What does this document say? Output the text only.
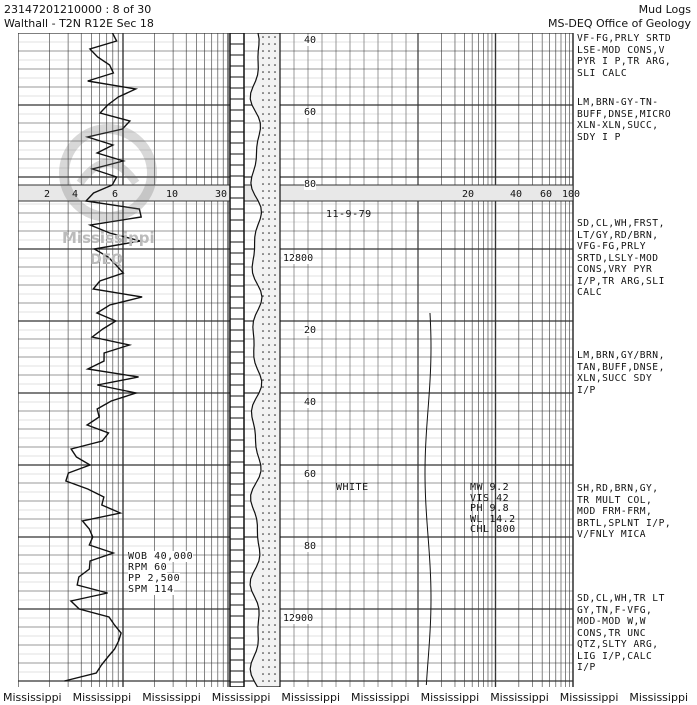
23147201210000 : 8 of 30
Walthall - T2N R12E Sec 18
Mud Logs
MS-DEQ Office of Geology
Mississippi
DEQ
2 4	6	10	30	20	40 60 100
40
60
80
12800
20
40
60
80
12900
11-9-79
WHITE	MW 9.2
VIS 42
PH 9.8
WL 14.2
CHL 800
WOB 40,000
RPM 60
PP 2,500
SPM 114
VF-FG,PRLY SRTD
LSE-MOD CONS,V
PYR I P,TR ARG,
SLI CALC
LM,BRN-GY-TN-
BUFF,DNSE,MICRO
XLN-XLN,SUCC,
SDY I P
SD,CL,WH,FRST,
LT/GY,RD/BRN,
VFG-FG,PRLY
SRTD,LSLY-MOD
CONS,VRY PYR
I/P,TR ARG,SLI
CALC
LM,BRN,GY/BRN,
TAN,BUFF,DNSE,
XLN,SUCC SDY
I/P
SH,RD,BRN,GY,
TR MULT COL,
MOD FRM-FRM,
BRTL,SPLNT I/P,
V/FNLY MICA
SD,CL,WH,TR LT
GY,TN,F-VFG,
MOD-MOD W,W
CONS,TR UNC
QTZ,SLTY ARG,
LIG I/P,CALC
I/P
Mississippi Mississippi Mississippi Mississippi Mississippi Mississippi Mississippi Mississippi Mississippi Mississippi
